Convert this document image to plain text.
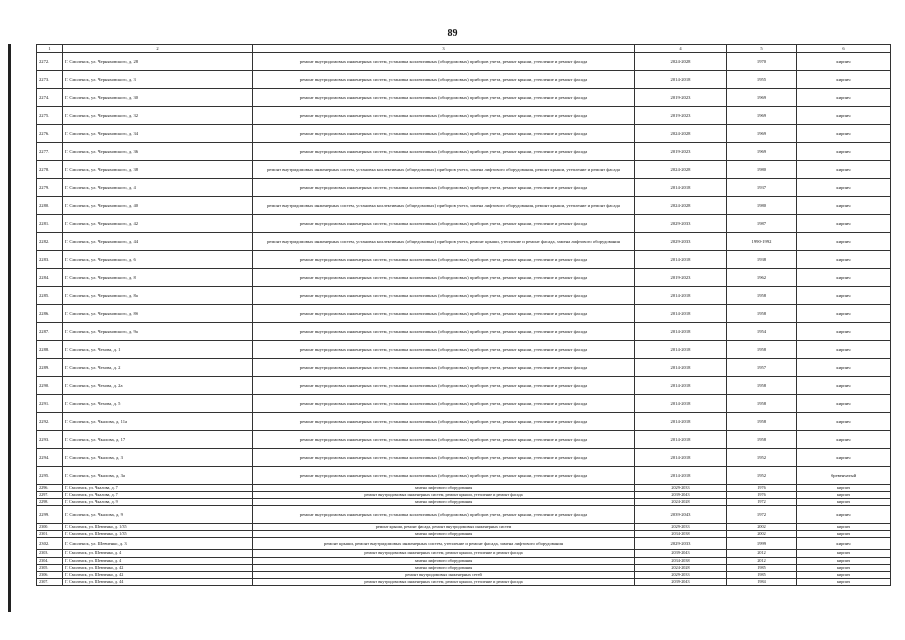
89
1	2	3	4	5	6
2272.	Г. Смоленск, ул. Черняховского, д. 28	ремонт внутридомовых инженерных систем, установка коллективных (общедомовых) приборов учета, ремонт крыши, утепление и ремонт фасада	2024-2028	1970	кирпич
2273.	Г. Смоленск, ул. Черняховского, д. 3	ремонт внутридомовых инженерных систем, установка коллективных (общедомовых) приборов учета, ремонт крыши, утепление и ремонт фасада	2014-2018	1955	кирпич
2274.	Г. Смоленск, ул. Черняховского, д. 30	ремонт внутридомовых инженерных систем, установка коллективных (общедомовых) приборов учета, ремонт крыши, утепление и ремонт фасада	2019-2023	1969	кирпич
2275.	Г. Смоленск, ул. Черняховского, д. 32	ремонт внутридомовых инженерных систем, установка коллективных (общедомовых) приборов учета, ремонт крыши, утепление и ремонт фасада	2019-2023	1969	кирпич
2276.	Г. Смоленск, ул. Черняховского, д. 34	ремонт внутридомовых инженерных систем, установка коллективных (общедомовых) приборов учета, ремонт крыши, утепление и ремонт фасада	2024-2028	1969	кирпич
2277.	Г. Смоленск, ул. Черняховского, д. 36	ремонт внутридомовых инженерных систем, установка коллективных (общедомовых) приборов учета, ремонт крыши, утепление и ремонт фасада	2019-2023	1969	кирпич
2278.	Г. Смоленск, ул. Черняховского, д. 38	ремонт внутридомовых инженерных систем, установка коллективных (общедомовых) приборов учета, замена лифтового оборудования, ремонт крыши, утепление и ремонт фасада	2024-2028	1980	кирпич
2279.	Г. Смоленск, ул. Черняховского, д. 4	ремонт внутридомовых инженерных систем, установка коллективных (общедомовых) приборов учета, ремонт крыши, утепление и ремонт фасада	2014-2018	1937	кирпич
2280.	Г. Смоленск, ул. Черняховского, д. 40	ремонт внутридомовых инженерных систем, установка коллективных (общедомовых) приборов учета, замена лифтового оборудования, ремонт крыши, утепление и ремонт фасада	2024-2028	1980	кирпич
2281.	Г. Смоленск, ул. Черняховского, д. 42	ремонт внутридомовых инженерных систем, установка коллективных (общедомовых) приборов учета, ремонт крыши, утепление и ремонт фасада	2029-2033	1987	кирпич
2282.	Г. Смоленск, ул. Черняховского, д. 44	ремонт внутридомовых инженерных систем, установка коллективных (общедомовых) приборов учета, ремонт крыши, утепление и ремонт фасада, замена лифтового оборудования	2029-2033	1990-1992	кирпич
2283.	Г. Смоленск, ул. Черняховского, д. 6	ремонт внутридомовых инженерных систем, установка коллективных (общедомовых) приборов учета, ремонт крыши, утепление и ремонт фасада	2014-2018	1938	кирпич
2284.	Г. Смоленск, ул. Черняховского, д. 8	ремонт внутридомовых инженерных систем, установка коллективных (общедомовых) приборов учета, ремонт крыши, утепление и ремонт фасада	2019-2023	1962	кирпич
2285.	Г. Смоленск, ул. Черняховского, д. 8а	ремонт внутридомовых инженерных систем, установка коллективных (общедомовых) приборов учета, ремонт крыши, утепление и ремонт фасада	2014-2018	1958	кирпич
2286.	Г. Смоленск, ул. Черняховского, д. 8б	ремонт внутридомовых инженерных систем, установка коллективных (общедомовых) приборов учета, ремонт крыши, утепление и ремонт фасада	2014-2018	1958	кирпич
2287.	Г. Смоленск, ул. Черняховского, д. 9а	ремонт внутридомовых инженерных систем, установка коллективных (общедомовых) приборов учета, ремонт крыши, утепление и ремонт фасада	2014-2018	1954	кирпич
2288.	Г. Смоленск, ул. Чехова, д. 1	ремонт внутридомовых инженерных систем, установка коллективных (общедомовых) приборов учета, ремонт крыши, утепление и ремонт фасада	2014-2018	1958	кирпич
2289.	Г. Смоленск, ул. Чехова, д. 2	ремонт внутридомовых инженерных систем, установка коллективных (общедомовых) приборов учета, ремонт крыши, утепление и ремонт фасада	2014-2018	1957	кирпич
2290.	Г. Смоленск, ул. Чехова, д. 2а	ремонт внутридомовых инженерных систем, установка коллективных (общедомовых) приборов учета, ремонт крыши, утепление и ремонт фасада	2014-2018	1958	кирпич
2291.	Г. Смоленск, ул. Чехова, д. 5	ремонт внутридомовых инженерных систем, установка коллективных (общедомовых) приборов учета, ремонт крыши, утепление и ремонт фасада	2014-2018	1958	кирпич
2292.	Г. Смоленск, ул. Чкалова, д. 11а	ремонт внутридомовых инженерных систем, установка коллективных (общедомовых) приборов учета, ремонт крыши, утепление и ремонт фасада	2014-2018	1958	кирпич
2293.	Г. Смоленск, ул. Чкалова, д. 17	ремонт внутридомовых инженерных систем, установка коллективных (общедомовых) приборов учета, ремонт крыши, утепление и ремонт фасада	2014-2018	1958	кирпич
2294.	Г. Смоленск, ул. Чкалова, д. 3	ремонт внутридомовых инженерных систем, установка коллективных (общедомовых) приборов учета, ремонт крыши, утепление и ремонт фасада	2014-2018	1952	кирпич
2295.	Г. Смоленск, ул. Чкалова, д. 3а	ремонт внутридомовых инженерных систем, установка коллективных (общедомовых) приборов учета, ремонт крыши, утепление и ремонт фасада	2014-2018	1952	бревенчатый
2296.	Г. Смоленск, ул. Чкалова, д. 7	замена лифтового оборудования	2029-2033	1976	кирпич
2297.	Г. Смоленск, ул. Чкалова, д. 7	ремонт внутридомовых инженерных систем, ремонт крыши, утепление и ремонт фасада	2039-2043	1976	кирпич
2298.	Г. Смоленск, ул. Чкалова, д. 9	замена лифтового оборудования	2024-2028	1972	кирпич
2299.	Г. Смоленск, ул. Чкалова, д. 9	ремонт внутридомовых инженерных систем, установка коллективных (общедомовых) приборов учета, ремонт крыши, утепление и ремонт фасада	2039-2043	1972	кирпич
2300.	Г. Смоленск, ул. Шевченко, д. 1/35	ремонт крыши, ремонт фасада, ремонт внутридомовых инженерных систем	2029-2033	2002	кирпич
2301.	Г. Смоленск, ул. Шевченко, д. 1/35	замена лифтового оборудования	2034-2038	2002	кирпич
2302.	Г. Смоленск, ул. Шевченко, д. 3	ремонт крыши, ремонт внутридомовых инженерных систем, утепление и ремонт фасада, замена лифтового оборудования	2029-2033	1999	кирпич
2303.	Г. Смоленск, ул. Шевченко, д. 4	ремонт внутридомовых инженерных систем, ремонт крыши, утепление и ремонт фасада	2039-2043	2012	кирпич
2304.	Г. Смоленск, ул. Шевченко, д. 4	замена лифтового оборудования	2034-2038	2012	кирпич
2305.	Г. Смоленск, ул. Шевченко, д. 42	замена лифтового оборудования	2024-2028	1985	кирпич
2306.	Г. Смоленск, ул. Шевченко, д. 42	ремонт внутридомовых инженерных сетей	2029-2033	1985	кирпич
2307.	Г. Смоленск, ул. Шевченко, д. 44	ремонт внутридомовых инженерных систем, ремонт крыши, утепление и ремонт фасада	2039-2043	1984	кирпич
